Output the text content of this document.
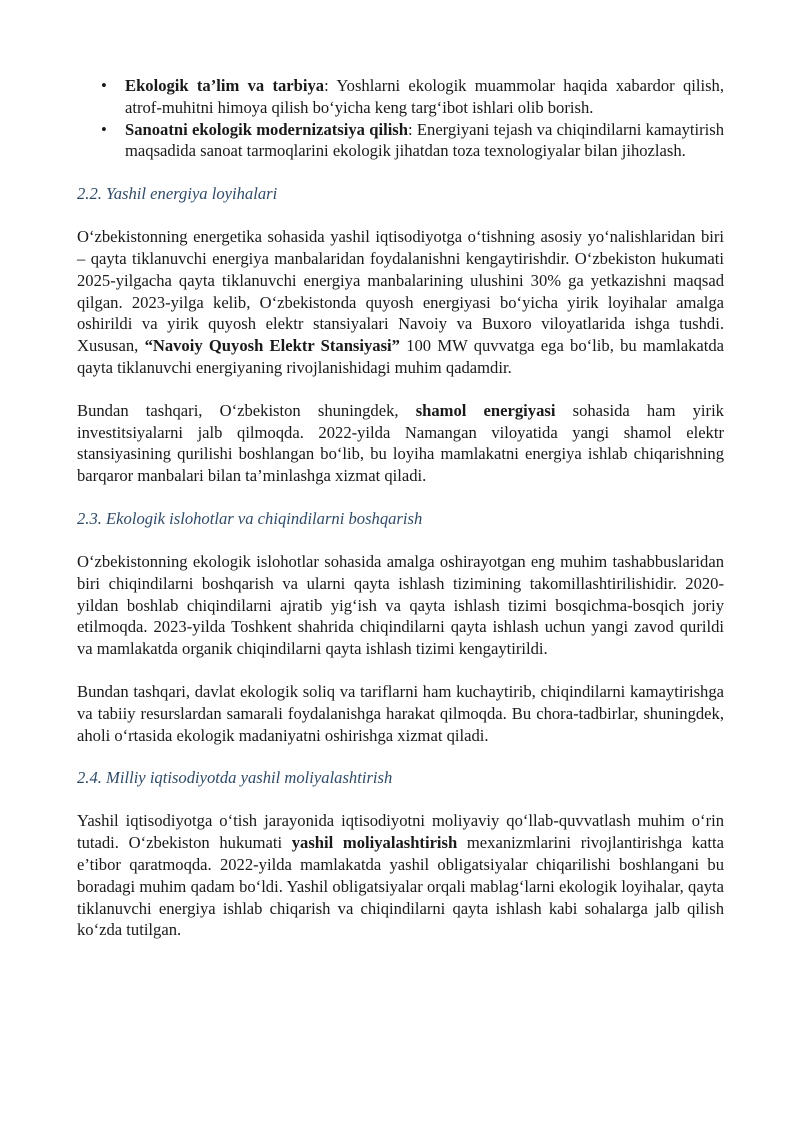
• Ekologik ta’lim va tarbiya: Yoshlarni ekologik muammolar haqida xabardor qilish, atrof-muhitni himoya qilish bo‘yicha keng targ‘ibot ishlari olib borish.
• Sanoatni ekologik modernizatsiya qilish: Energiyani tejash va chiqindilarni kamaytirish maqsadida sanoat tarmoqlarini ekologik jihatdan toza texnologiyalar bilan jihozlash.
2.2. Yashil energiya loyihalari

O‘zbekistonning energetika sohasida yashil iqtisodiyotga o‘tishning asosiy yo‘nalishlaridan biri – qayta tiklanuvchi energiya manbalaridan foydalanishni kengaytirishdir. O‘zbekiston hukumati 2025-yilgacha qayta tiklanuvchi energiya manbalarining ulushini 30% ga yetkazishni maqsad qilgan. 2023-yilga kelib, O‘zbekistonda quyosh energiyasi bo‘yicha yirik loyihalar amalga oshirildi va yirik quyosh elektr stansiyalari Navoiy va Buxoro viloyatlarida ishga tushdi. Xususan, “Navoiy Quyosh Elektr Stansiyasi” 100 MW quvvatga ega bo‘lib, bu mamlakatda qayta tiklanuvchi energiyaning rivojlanishidagi muhim qadamdir.

Bundan tashqari, O‘zbekiston shuningdek, shamol energiyasi sohasida ham yirik investitsiyalarni jalb qilmoqda. 2022-yilda Namangan viloyatida yangi shamol elektr stansiyasining qurilishi boshlangan bo‘lib, bu loyiha mamlakatni energiya ishlab chiqarishning barqaror manbalari bilan ta’minlashga xizmat qiladi.

2.3. Ekologik islohotlar va chiqindilarni boshqarish

O‘zbekistonning ekologik islohotlar sohasida amalga oshirayotgan eng muhim tashabbuslaridan biri chiqindilarni boshqarish va ularni qayta ishlash tizimining takomillashtirilishidir. 2020-yildan boshlab chiqindilarni ajratib yig‘ish va qayta ishlash tizimi bosqichma-bosqich joriy etilmoqda. 2023-yilda Toshkent shahrida chiqindilarni qayta ishlash uchun yangi zavod qurildi va mamlakatda organik chiqindilarni qayta ishlash tizimi kengaytirildi.

Bundan tashqari, davlat ekologik soliq va tariflarni ham kuchaytirib, chiqindilarni kamaytirishga va tabiiy resurslardan samarali foydalanishga harakat qilmoqda. Bu chora-tadbirlar, shuningdek, aholi o‘rtasida ekologik madaniyatni oshirishga xizmat qiladi.

2.4. Milliy iqtisodiyotda yashil moliyalashtirish

Yashil iqtisodiyotga o‘tish jarayonida iqtisodiyotni moliyaviy qo‘llab-quvvatlash muhim o‘rin tutadi. O‘zbekiston hukumati yashil moliyalashtirish mexanizmlarini rivojlantirishga katta e’tibor qaratmoqda. 2022-yilda mamlakatda yashil obligatsiyalar chiqarilishi boshlangani bu boradagi muhim qadam bo‘ldi. Yashil obligatsiyalar orqali mablag‘larni ekologik loyihalar, qayta tiklanuvchi energiya ishlab chiqarish va chiqindilarni qayta ishlash kabi sohalarga jalb qilish ko‘zda tutilgan.
